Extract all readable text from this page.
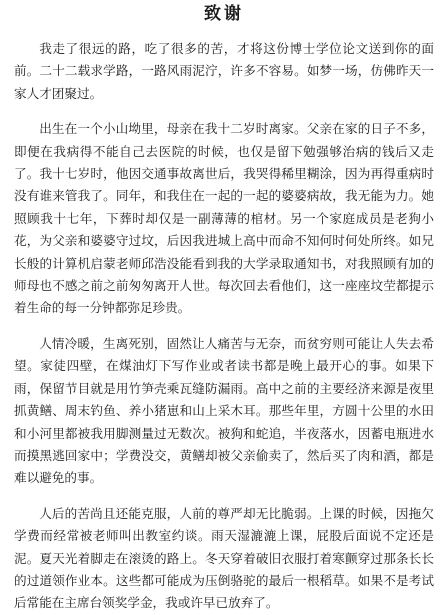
致谢

我走了很远的路，吃了很多的苦，才将这份博士学位论文送到你的面前。二十二载求学路，一路风雨泥泞，许多不容易。如梦一场，仿佛昨天一家人才团聚过。

出生在一个小山坳里，母亲在我十二岁时离家。父亲在家的日子不多，即便在我病得不能自己去医院的时候，也仅是留下勉强够治病的钱后又走了。我十七岁时，他因交通事故离世后，我哭得稀里糊涂，因为再得重病时没有谁来管我了。同年，和我住在一起的一起的婆婆病故，我无能为力。她照顾我十七年，下葬时却仅是一副薄薄的棺材。另一个家庭成员是老狗小花，为父亲和婆婆守过坟，后因我进城上高中而命不知何时何处所终。如兄长般的计算机启蒙老师邱浩没能看到我的大学录取通知书，对我照顾有加的师母也不感之前之前匆匆离开人世。每次回去看他们，这一座座坟茔都提示着生命的每一分钟都弥足珍贵。

人情冷暖，生离死别，固然让人痛苦与无奈，而贫穷则可能让人失去希望。家徒四壁，在煤油灯下写作业或者读书都是晚上最开心的事。如果下雨，保留节目就是用竹笋壳乘瓦缝防漏雨。高中之前的主要经济来源是夜里抓黄鳝、周末钓鱼、养小猪崽和山上采木耳。那些年里，方圆十公里的水田和小河里都被我用脚测量过无数次。被狗和蛇追，半夜落水，因蓄电瓶进水而摸黑逃回家中；学费没交，黄鳝却被父亲偷卖了，然后买了肉和酒，都是难以避免的事。

人后的苦尚且还能克服，人前的尊严却无比脆弱。上课的时候，因拖欠学费而经常被老师叫出教室约谈。雨天湿漉漉上课，屁股后面说不定还是泥。夏天光着脚走在滚烫的路上。冬天穿着破旧衣服打着寒颤穿过那条长长的过道领作业本。这些都可能成为压倒骆驼的最后一根稻草。如果不是考试后常能在主席台领奖学金，我或许早已放弃了。
